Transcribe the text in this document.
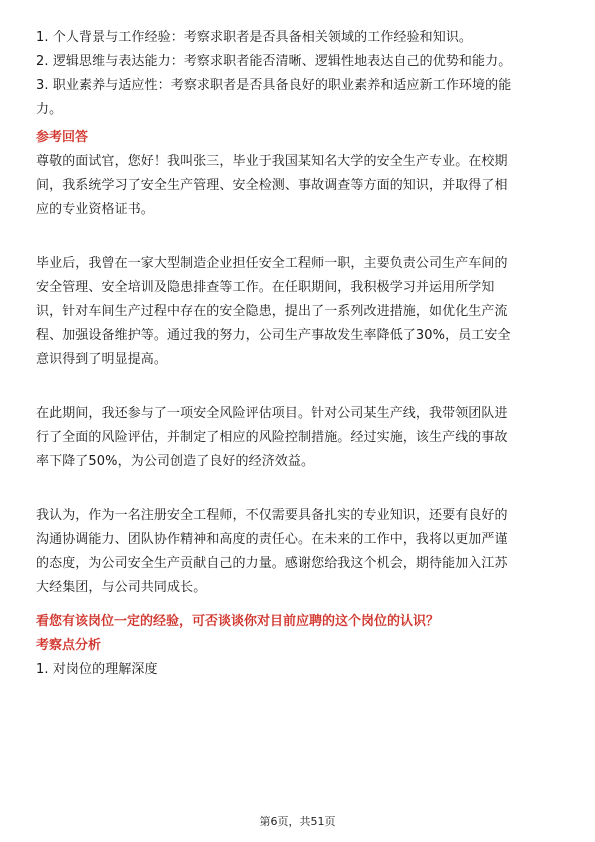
1. 个人背景与工作经验：考察求职者是否具备相关领域的工作经验和知识。
2. 逻辑思维与表达能力：考察求职者能否清晰、逻辑性地表达自己的优势和能力。
3. 职业素养与适应性：考察求职者是否具备良好的职业素养和适应新工作环境的能
力。
参考回答
尊敬的面试官，您好！我叫张三，毕业于我国某知名大学的安全生产专业。在校期
间，我系统学习了安全生产管理、安全检测、事故调查等方面的知识，并取得了相
应的专业资格证书。
毕业后，我曾在一家大型制造企业担任安全工程师一职，主要负责公司生产车间的
安全管理、安全培训及隐患排查等工作。在任职期间，我积极学习并运用所学知
识，针对车间生产过程中存在的安全隐患，提出了一系列改进措施，如优化生产流
程、加强设备维护等。通过我的努力，公司生产事故发生率降低了30%，员工安全
意识得到了明显提高。
在此期间，我还参与了一项安全风险评估项目。针对公司某生产线，我带领团队进
行了全面的风险评估，并制定了相应的风险控制措施。经过实施，该生产线的事故
率下降了50%，为公司创造了良好的经济效益。
我认为，作为一名注册安全工程师，不仅需要具备扎实的专业知识，还要有良好的
沟通协调能力、团队协作精神和高度的责任心。在未来的工作中，我将以更加严谨
的态度，为公司安全生产贡献自己的力量。感谢您给我这个机会，期待能加入江苏
大经集团，与公司共同成长。
看您有该岗位一定的经验，可否谈谈你对目前应聘的这个岗位的认识？
考察点分析
1. 对岗位的理解深度
第6页，共51页
